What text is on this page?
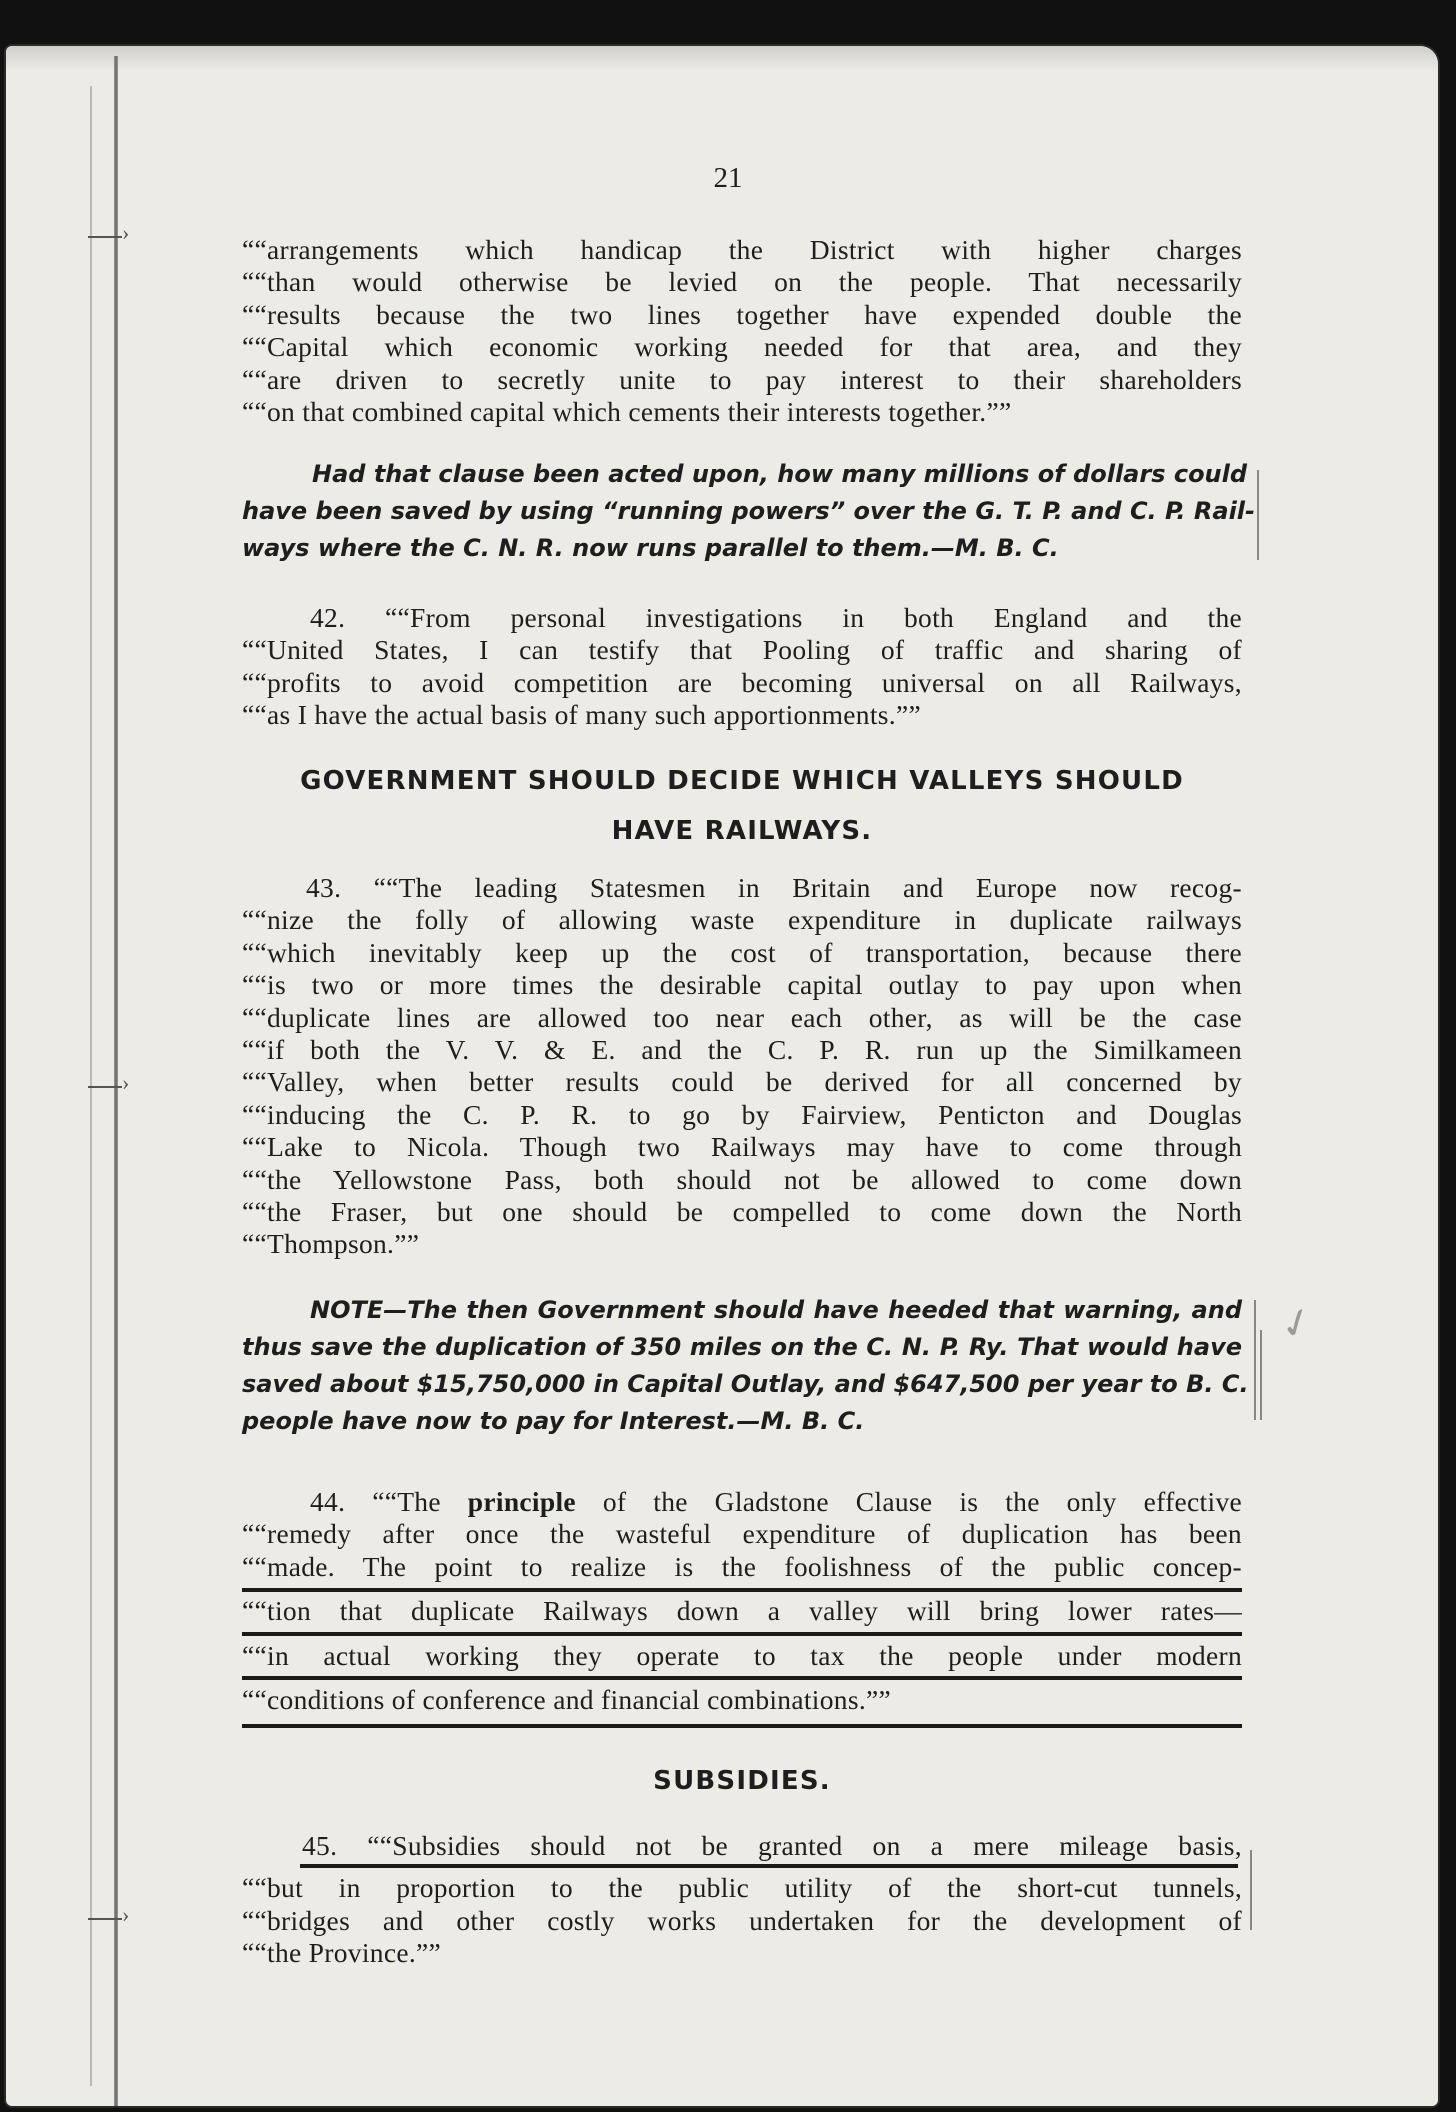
›
›
›
21

““arrangements which handicap the District with higher charges
““than would otherwise be levied on the people. That necessarily
““results because the two lines together have expended double the
““Capital which economic working needed for that area, and they
““are driven to secretly unite to pay interest to their shareholders
““on that combined capital which cements their interests together.””

Had that clause been acted upon, how many millions of dollars could
have been saved by using “running powers” over the G. T. P. and C. P. Rail-
ways where the C. N. R. now runs parallel to them.—M. B. C.

42. ““From personal investigations in both England and the
““United States, I can testify that Pooling of traffic and sharing of
““profits to avoid competition are becoming universal on all Railways,
““as I have the actual basis of many such apportionments.””

GOVERNMENT SHOULD DECIDE WHICH VALLEYS SHOULD
HAVE RAILWAYS.

43. ““The leading Statesmen in Britain and Europe now recog-
““nize the folly of allowing waste expenditure in duplicate railways
““which inevitably keep up the cost of transportation, because there
““is two or more times the desirable capital outlay to pay upon when
““duplicate lines are allowed too near each other, as will be the case
““if both the V. V. & E. and the C. P. R. run up the Similkameen
““Valley, when better results could be derived for all concerned by
““inducing the C. P. R. to go by Fairview, Penticton and Douglas
““Lake to Nicola. Though two Railways may have to come through
““the Yellowstone Pass, both should not be allowed to come down
““the Fraser, but one should be compelled to come down the North
““Thompson.””

NOTE—The then Government should have heeded that warning, and
thus save the duplication of 350 miles on the C. N. P. Ry. That would have
saved about $15,750,000 in Capital Outlay, and $647,500 per year to B. C.
people have now to pay for Interest.—M. B. C.
✓

44. ““The principle of the Gladstone Clause is the only effective
““remedy after once the wasteful expenditure of duplication has been
““made. The point to realize is the foolishness of the public concep-
““tion that duplicate Railways down a valley will bring lower rates—
““in actual working they operate to tax the people under modern
““conditions of conference and financial combinations.””

SUBSIDIES.

45. ““Subsidies should not be granted on a mere mileage basis,
““but in proportion to the public utility of the short-cut tunnels,
““bridges and other costly works undertaken for the development of
““the Province.””
